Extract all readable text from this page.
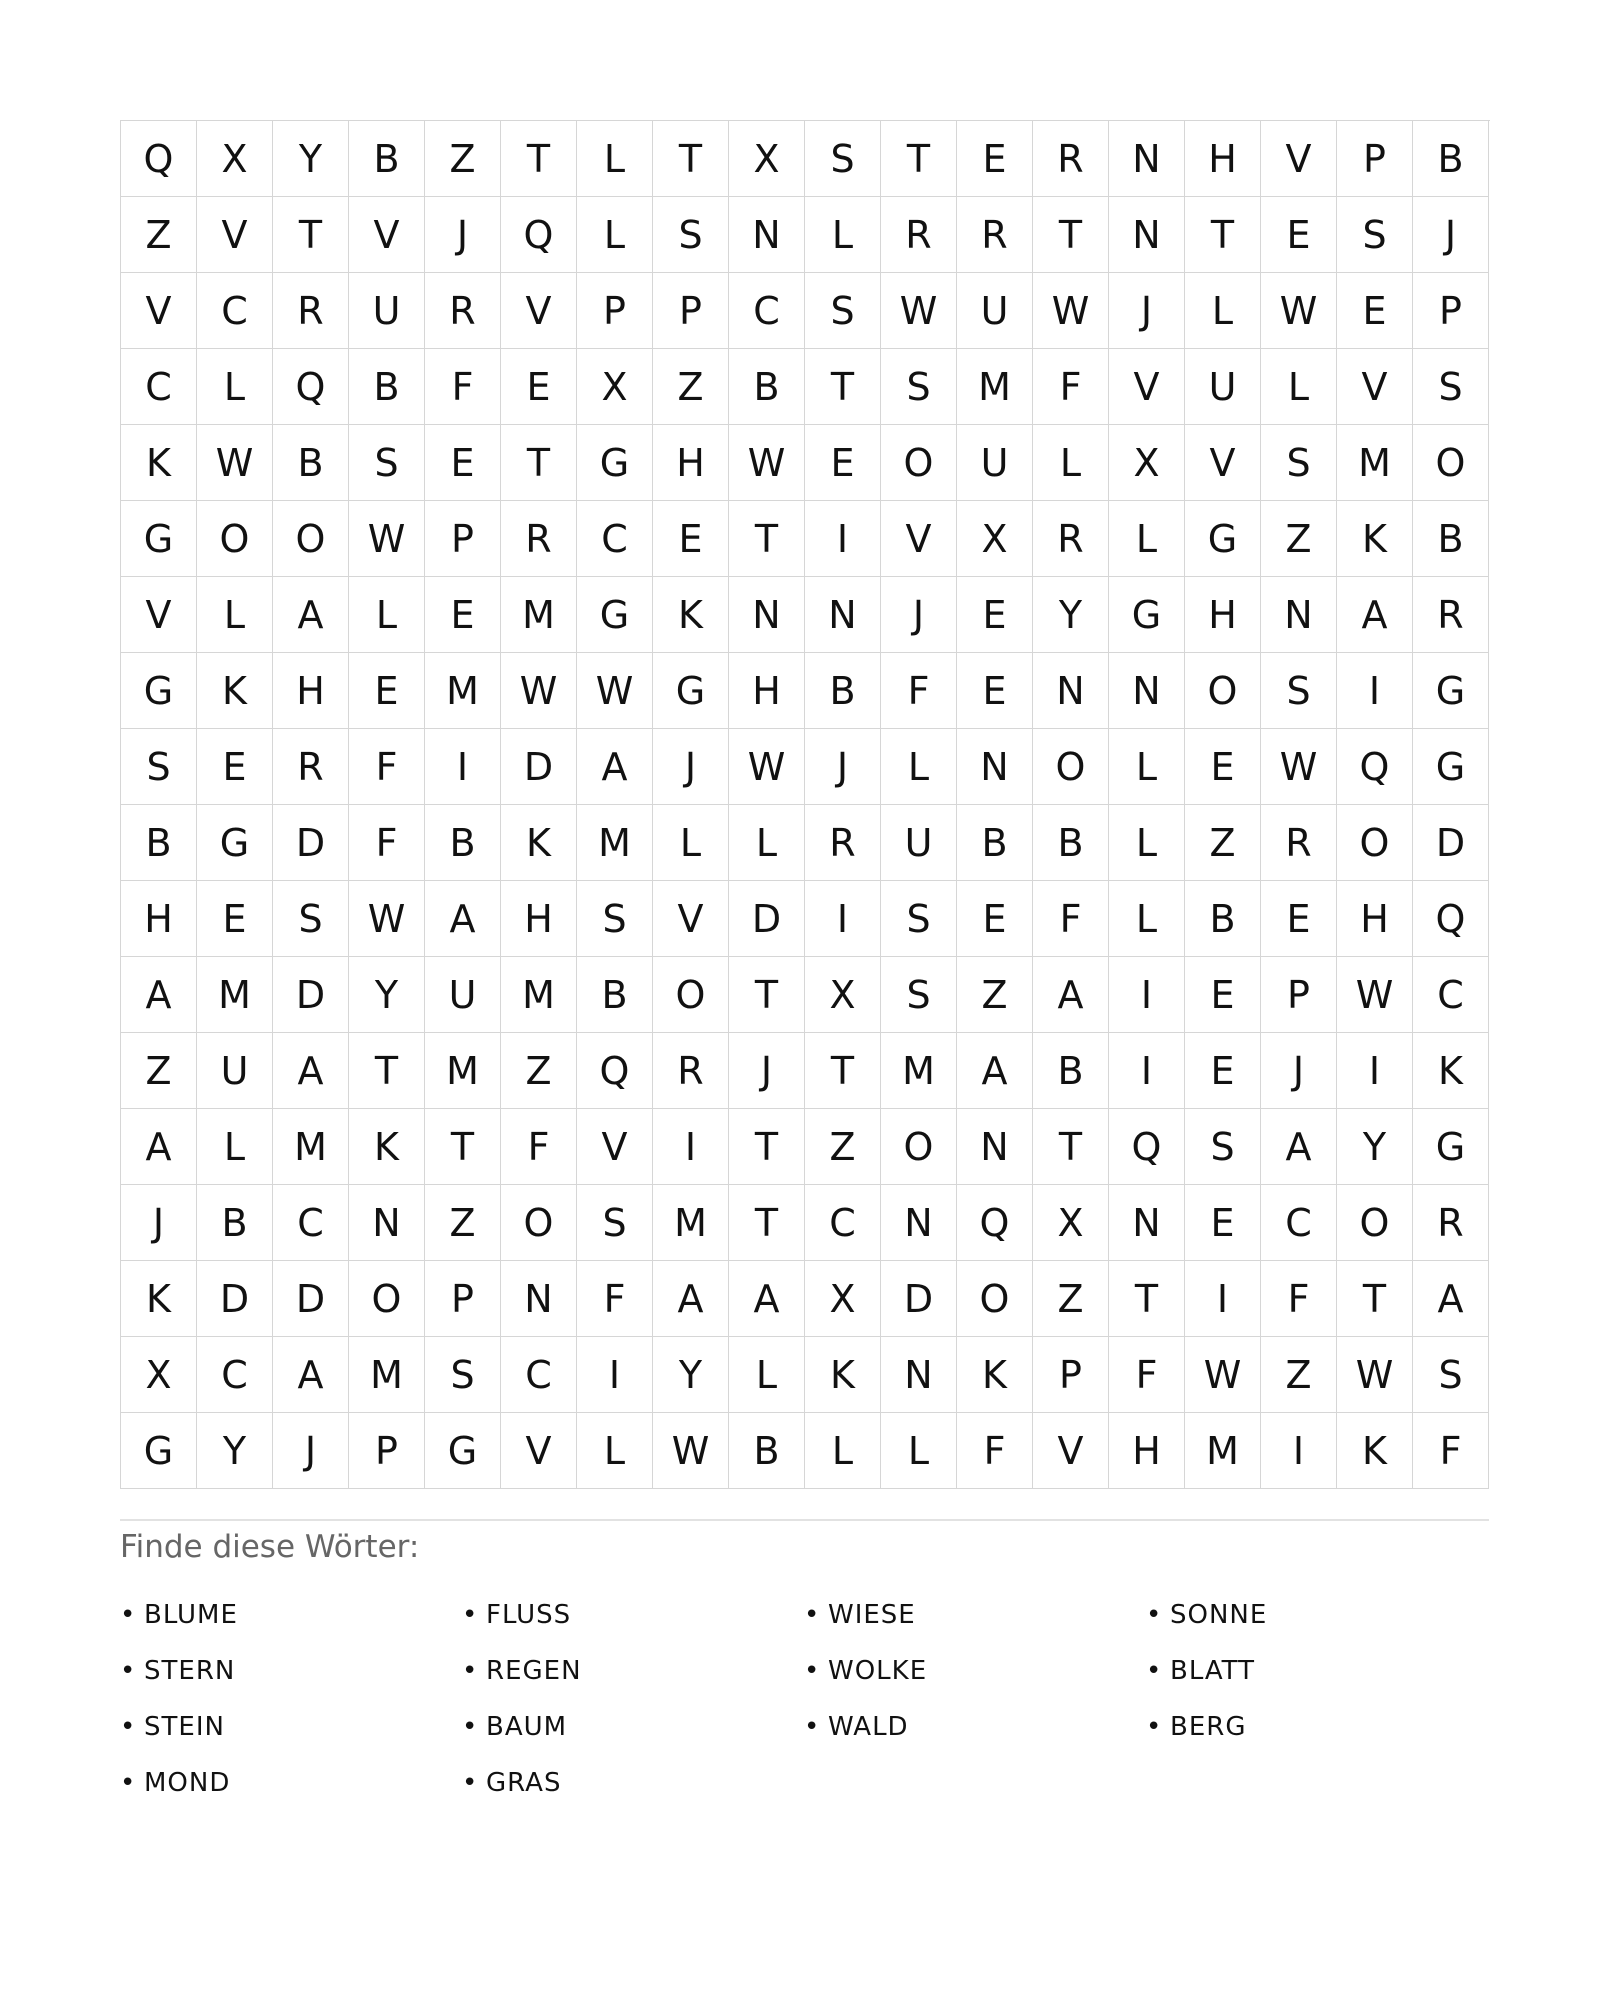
Q	X	Y	B	Z	T	L	T	X	S	T	E	R	N	H	V	P	B
Z	V	T	V	J	Q	L	S	N	L	R	R	T	N	T	E	S	J
V	C	R	U	R	V	P	P	C	S	W	U	W	J	L	W	E	P
C	L	Q	B	F	E	X	Z	B	T	S	M	F	V	U	L	V	S
K	W	B	S	E	T	G	H	W	E	O	U	L	X	V	S	M	O
G	O	O	W	P	R	C	E	T	I	V	X	R	L	G	Z	K	B
V	L	A	L	E	M	G	K	N	N	J	E	Y	G	H	N	A	R
G	K	H	E	M	W	W	G	H	B	F	E	N	N	O	S	I	G
S	E	R	F	I	D	A	J	W	J	L	N	O	L	E	W	Q	G
B	G	D	F	B	K	M	L	L	R	U	B	B	L	Z	R	O	D
H	E	S	W	A	H	S	V	D	I	S	E	F	L	B	E	H	Q
A	M	D	Y	U	M	B	O	T	X	S	Z	A	I	E	P	W	C
Z	U	A	T	M	Z	Q	R	J	T	M	A	B	I	E	J	I	K
A	L	M	K	T	F	V	I	T	Z	O	N	T	Q	S	A	Y	G
J	B	C	N	Z	O	S	M	T	C	N	Q	X	N	E	C	O	R
K	D	D	O	P	N	F	A	A	X	D	O	Z	T	I	F	T	A
X	C	A	M	S	C	I	Y	L	K	N	K	P	F	W	Z	W	S
G	Y	J	P	G	V	L	W	B	L	L	F	V	H	M	I	K	F
Finde diese Wörter:
• BLUME	• FLUSS	• WIESE	• SONNE
• STERN	• REGEN	• WOLKE	• BLATT
• STEIN	• BAUM	• WALD	• BERG
• MOND	• GRAS
